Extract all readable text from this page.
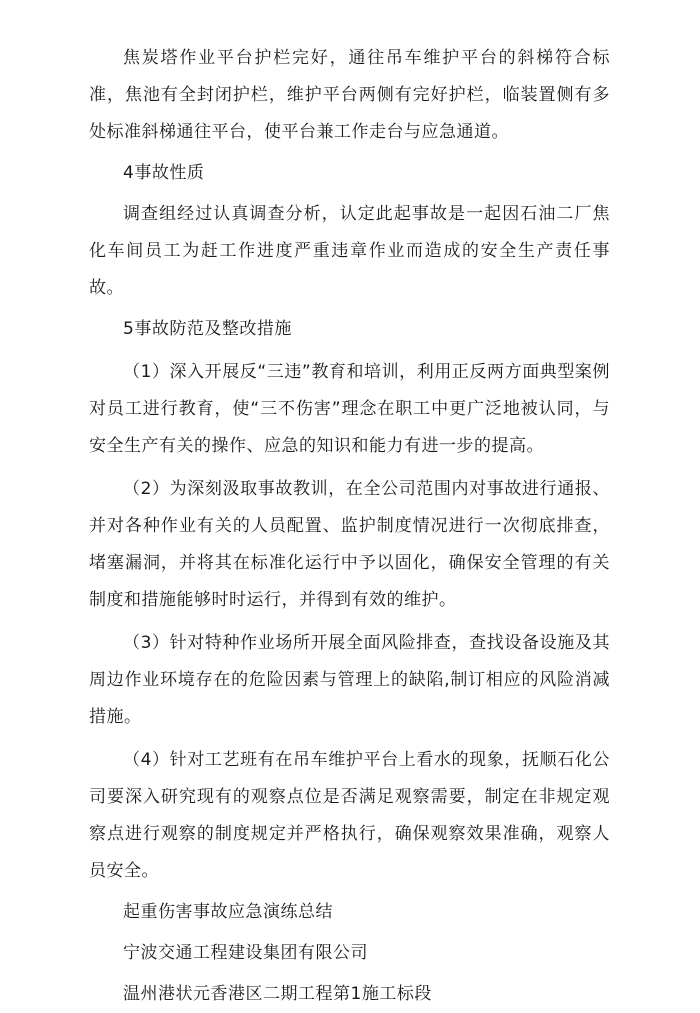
焦炭塔作业平台护栏完好，通往吊车维护平台的斜梯符合标准，焦池有全封闭护栏，维护平台两侧有完好护栏，临装置侧有多处标准斜梯通往平台，使平台兼工作走台与应急通道。

4事故性质

调查组经过认真调查分析，认定此起事故是一起因石油二厂焦化车间员工为赶工作进度严重违章作业而造成的安全生产责任事故。

5事故防范及整改措施

（1）深入开展反“三违”教育和培训，利用正反两方面典型案例对员工进行教育，使“三不伤害”理念在职工中更广泛地被认同，与安全生产有关的操作、应急的知识和能力有进一步的提高。

（2）为深刻汲取事故教训，在全公司范围内对事故进行通报、并对各种作业有关的人员配置、监护制度情况进行一次彻底排查，堵塞漏洞，并将其在标准化运行中予以固化，确保安全管理的有关制度和措施能够时时运行，并得到有效的维护。

（3）针对特种作业场所开展全面风险排查，查找设备设施及其周边作业环境存在的危险因素与管理上的缺陷,制订相应的风险消减措施。

（4）针对工艺班有在吊车维护平台上看水的现象，抚顺石化公司要深入研究现有的观察点位是否满足观察需要，制定在非规定观察点进行观察的制度规定并严格执行，确保观察效果准确，观察人员安全。

起重伤害事故应急演练总结

宁波交通工程建设集团有限公司

温州港状元香港区二期工程第1施工标段
